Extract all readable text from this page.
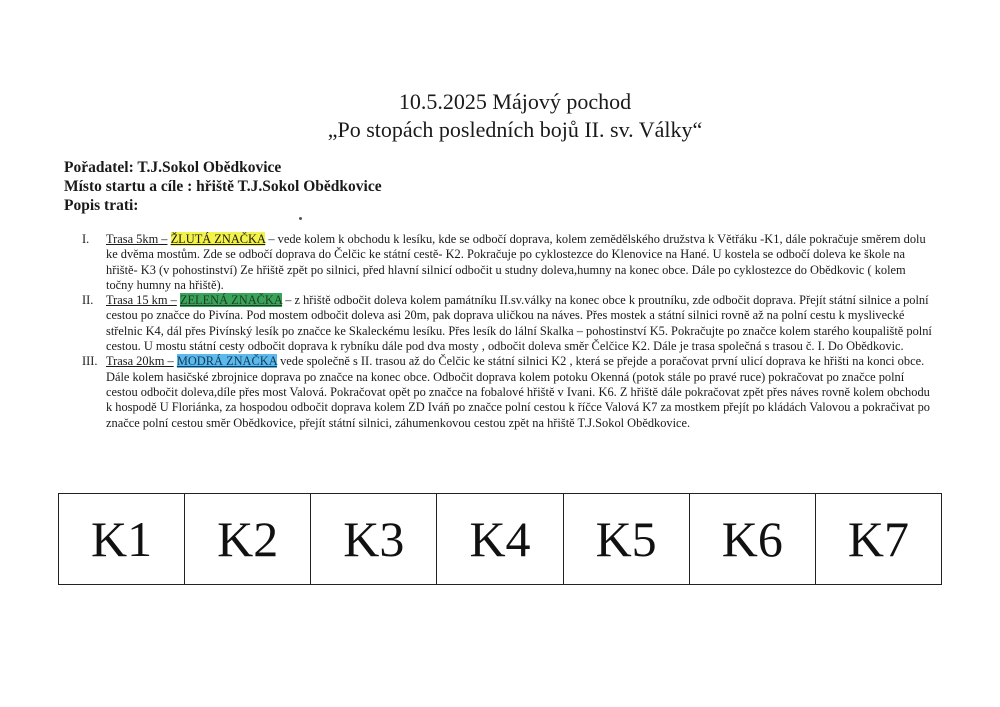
10.5.2025 Májový pochod
„Po stopách posledních bojů II. sv. Války“
Pořadatel: T.J.Sokol Obědkovice
Místo startu a cíle : hřiště T.J.Sokol Obědkovice
Popis trati:

I.	Trasa 5km – ŽLUTÁ ZNAČKA – vede kolem k obchodu k lesíku, kde se odbočí doprava, kolem zemědělského družstva k Větřáku -K1, dále pokračuje směrem dolu ke dvěma mostům. Zde se odbočí doprava do Čelčic ke státní cestě- K2. Pokračuje po cyklostezce do Klenovice na Hané. U kostela se odbočí doleva ke škole na hřiště- K3 (v pohostinství) Ze hřiště zpět po silnici, před hlavní silnicí odbočit u studny doleva,humny na konec obce. Dále po cyklostezce do Obědkovic ( kolem točny humny na hřiště).

II.	Trasa 15 km – ZELENÁ ZNAČKA – z hřiště odbočit doleva kolem památníku II.sv.války na konec obce k proutníku, zde odbočit doprava. Přejít státní silnice a polní cestou po značce do Pivína. Pod mostem odbočit doleva asi 20m, pak doprava uličkou na náves. Přes mostek a státní silnici rovně až na polní cestu k myslivecké střelnic K4, dál přes Pivínský lesík po značce ke Skaleckému lesíku. Přes lesík do lální Skalka – pohostinství K5. Pokračujte po značce kolem starého koupaliště polní cestou. U mostu státní cesty odbočit doprava k rybníku dále pod dva mosty , odbočit doleva směr Čelčice K2. Dále je trasa společná s trasou č. I. Do Obědkovic.

III. Trasa 20km – MODRÁ ZNAČKA vede společně s II. trasou až do Čelčic ke státní silnici K2 , která se přejde a poračovat první ulicí doprava ke hřišti na konci obce. Dále kolem hasičské zbrojnice doprava po značce na konec obce. Odbočit doprava kolem potoku Okenná (potok stále po pravé ruce) pokračovat po značce polní cestou odbočit doleva,díle přes most Valová. Pokračovat opět po značce na fobalové hřiště v Ivani. K6. Z hřiště dále pokračovat zpět přes náves rovně kolem obchodu k hospodě U Floriánka, za hospodou odbočit doprava kolem ZD Iváň po značce polní cestou k říčce Valová K7 za mostkem přejít po kládách Valovou a pokračivat po značce polní cestou směr Obědkovice, přejít státní silnici, záhumenkovou cestou zpět na hřiště T.J.Sokol Obědkovice.

K1	K2	K3	K4	K5	K6	K7
